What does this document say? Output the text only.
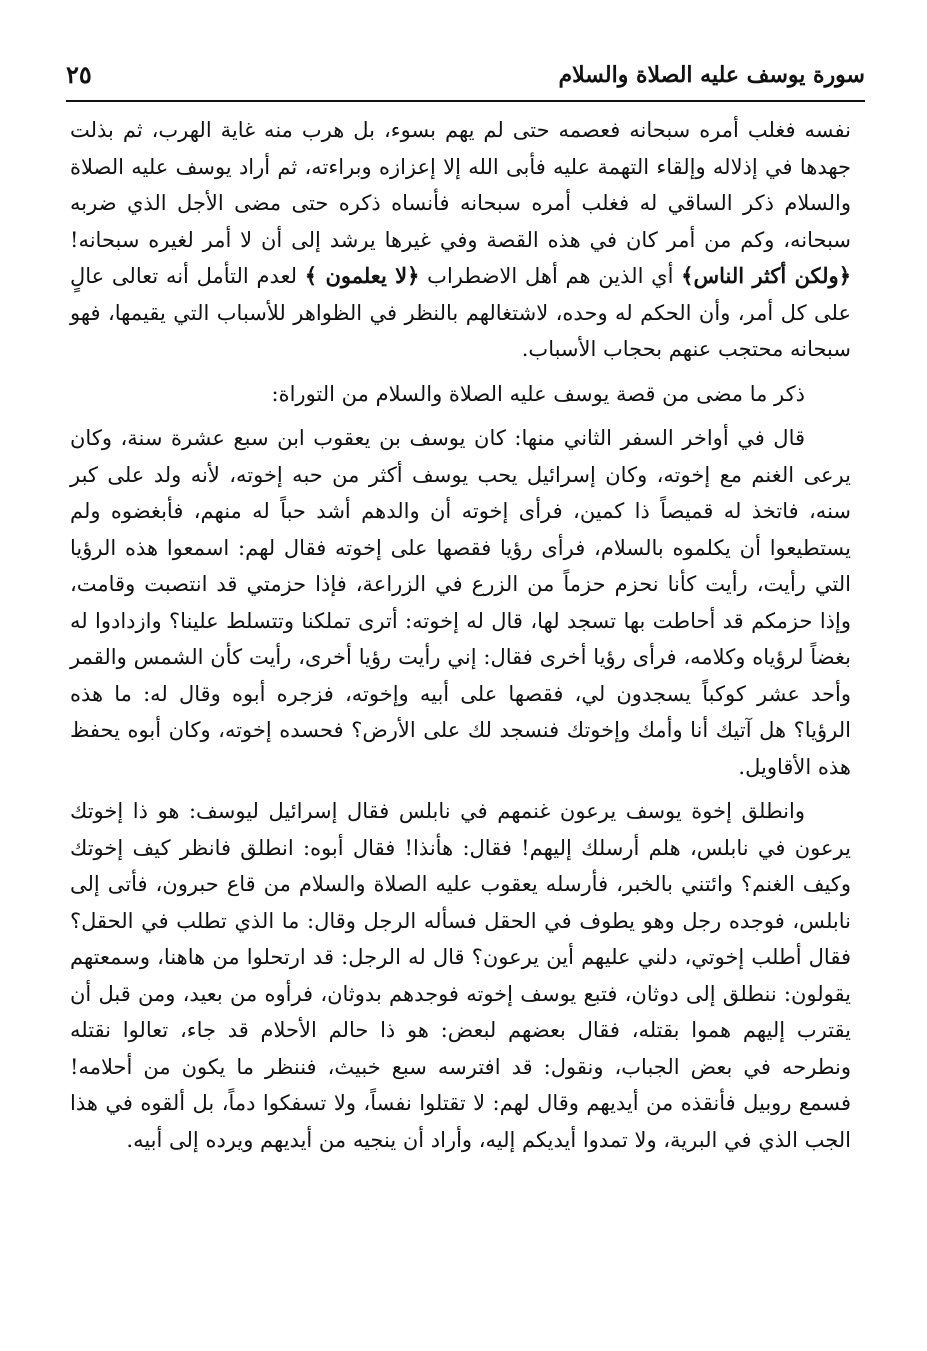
سورة يوسف عليه الصلاة والسلام
٢٥

نفسه فغلب أمره سبحانه فعصمه حتى لم يهم بسوء، بل هرب منه غاية الهرب، ثم بذلت جهدها في إذلاله وإلقاء التهمة عليه فأبى الله إلا إعزازه وبراءته، ثم أراد يوسف عليه الصلاة والسلام ذكر الساقي له فغلب أمره سبحانه فأنساه ذكره حتى مضى الأجل الذي ضربه سبحانه، وكم من أمر كان في هذه القصة وفي غيرها يرشد إلى أن لا أمر لغيره سبحانه! ﴿ولكن أكثر الناس﴾ أي الذين هم أهل الاضطراب ﴿لا يعلمون ﴾ لعدم التأمل أنه تعالى عالٍ على كل أمر، وأن الحكم له وحده، لاشتغالهم بالنظر في الظواهر للأسباب التي يقيمها، فهو سبحانه محتجب عنهم بحجاب الأسباب.

ذكر ما مضى من قصة يوسف عليه الصلاة والسلام من التوراة:

قال في أواخر السفر الثاني منها: كان يوسف بن يعقوب ابن سبع عشرة سنة، وكان يرعى الغنم مع إخوته، وكان إسرائيل يحب يوسف أكثر من حبه إخوته، لأنه ولد على كبر سنه، فاتخذ له قميصاً ذا كمين، فرأى إخوته أن والدهم أشد حباً له منهم، فأبغضوه ولم يستطيعوا أن يكلموه بالسلام، فرأى رؤيا فقصها على إخوته فقال لهم: اسمعوا هذه الرؤيا التي رأيت، رأيت كأنا نحزم حزماً من الزرع في الزراعة، فإذا حزمتي قد انتصبت وقامت، وإذا حزمكم قد أحاطت بها تسجد لها، قال له إخوته: أترى تملكنا وتتسلط علينا؟ وازدادوا له بغضاً لرؤياه وكلامه، فرأى رؤيا أخرى فقال: إني رأيت رؤيا أخرى، رأيت كأن الشمس والقمر وأحد عشر كوكباً يسجدون لي، فقصها على أبيه وإخوته، فزجره أبوه وقال له: ما هذه الرؤيا؟ هل آتيك أنا وأمك وإخوتك فنسجد لك على الأرض؟ فحسده إخوته، وكان أبوه يحفظ هذه الأقاويل.

وانطلق إخوة يوسف يرعون غنمهم في نابلس فقال إسرائيل ليوسف: هو ذا إخوتك يرعون في نابلس، هلم أرسلك إليهم! فقال: هأنذا! فقال أبوه: انطلق فانظر كيف إخوتك وكيف الغنم؟ وائتني بالخبر، فأرسله يعقوب عليه الصلاة والسلام من قاع حبرون، فأتى إلى نابلس، فوجده رجل وهو يطوف في الحقل فسأله الرجل وقال: ما الذي تطلب في الحقل؟ فقال أطلب إخوتي، دلني عليهم أين يرعون؟ قال له الرجل: قد ارتحلوا من هاهنا، وسمعتهم يقولون: ننطلق إلى دوثان، فتبع يوسف إخوته فوجدهم بدوثان، فرأوه من بعيد، ومن قبل أن يقترب إليهم هموا بقتله، فقال بعضهم لبعض: هو ذا حالم الأحلام قد جاء، تعالوا نقتله ونطرحه في بعض الجباب، ونقول: قد افترسه سبع خبيث، فننظر ما يكون من أحلامه! فسمع روبيل فأنقذه من أيديهم وقال لهم: لا تقتلوا نفساً، ولا تسفكوا دماً، بل ألقوه في هذا الجب الذي في البرية، ولا تمدوا أيديكم إليه، وأراد أن ينجيه من أيديهم ويرده إلى أبيه.
